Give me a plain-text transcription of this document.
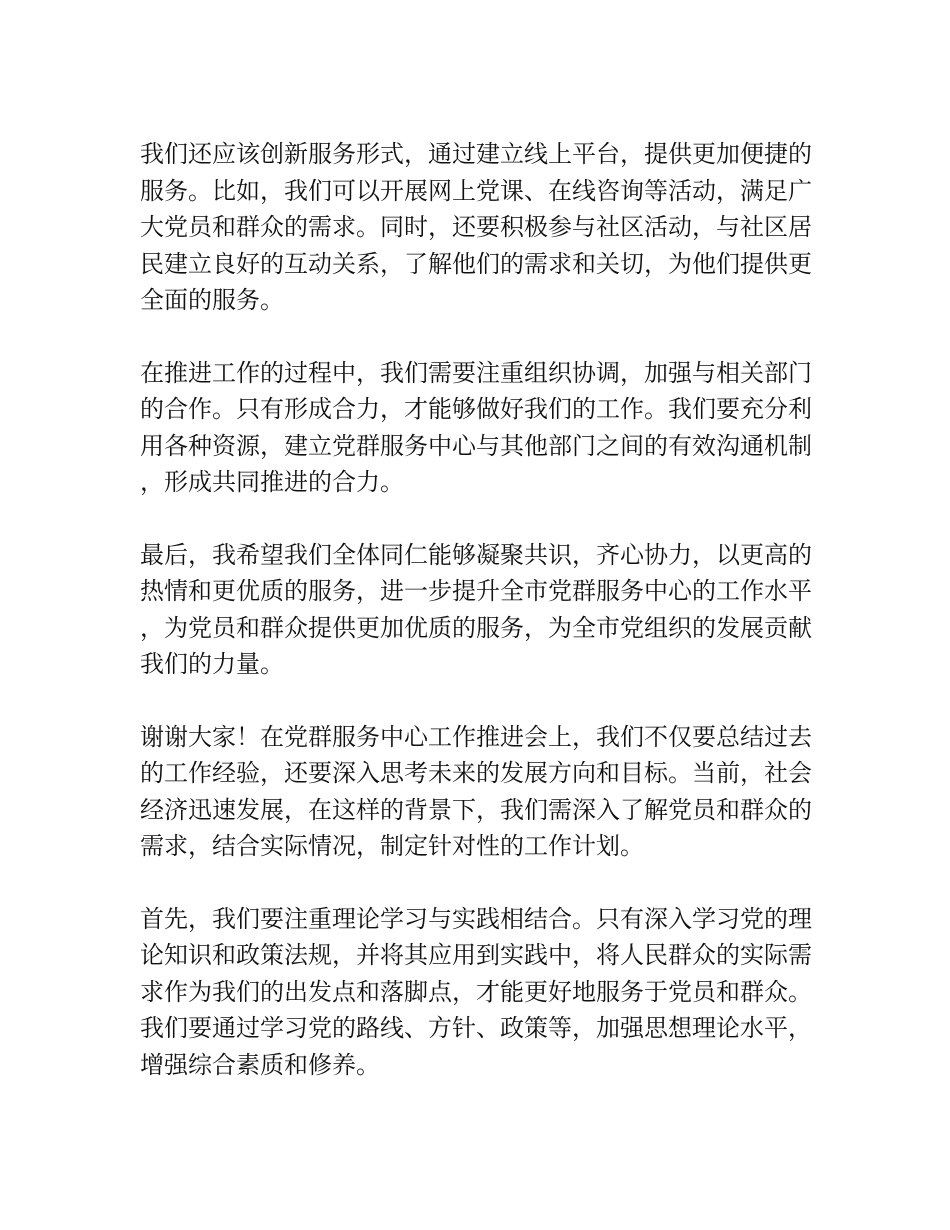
我们还应该创新服务形式，通过建立线上平台，提供更加便捷的服务。比如，我们可以开展网上党课、在线咨询等活动，满足广大党员和群众的需求。同时，还要积极参与社区活动，与社区居民建立良好的互动关系，了解他们的需求和关切，为他们提供更全面的服务。

在推进工作的过程中，我们需要注重组织协调，加强与相关部门的合作。只有形成合力，才能够做好我们的工作。我们要充分利用各种资源，建立党群服务中心与其他部门之间的有效沟通机制，形成共同推进的合力。

最后，我希望我们全体同仁能够凝聚共识，齐心协力，以更高的热情和更优质的服务，进一步提升全市党群服务中心的工作水平，为党员和群众提供更加优质的服务，为全市党组织的发展贡献我们的力量。

谢谢大家！在党群服务中心工作推进会上，我们不仅要总结过去的工作经验，还要深入思考未来的发展方向和目标。当前，社会经济迅速发展，在这样的背景下，我们需深入了解党员和群众的需求，结合实际情况，制定针对性的工作计划。

首先，我们要注重理论学习与实践相结合。只有深入学习党的理论知识和政策法规，并将其应用到实践中，将人民群众的实际需求作为我们的出发点和落脚点，才能更好地服务于党员和群众。我们要通过学习党的路线、方针、政策等，加强思想理论水平，增强综合素质和修养。
